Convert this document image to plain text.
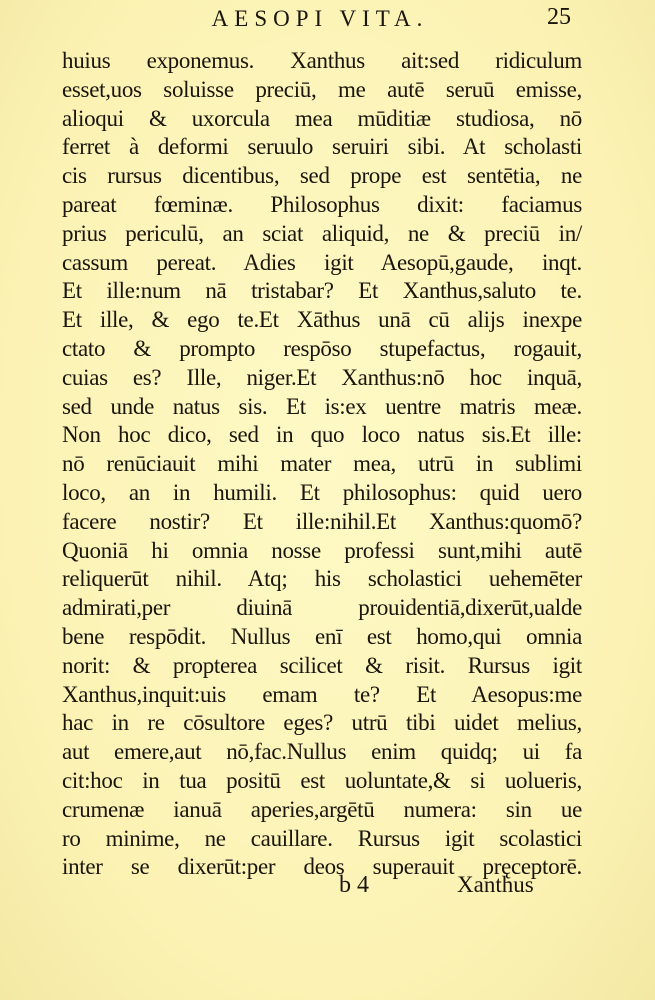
AESOPI VITA.	25
huius exponemus. Xanthus ait:sed ridiculum
esset,uos soluisse preciū, me autē seruū emisse,
alioqui & uxorcula mea mūditiæ studiosa, nō
ferret à deformi seruulo seruiri sibi. At scholasti
cis rursus dicentibus, sed prope est sentētia, ne
pareat fœminæ. Philosophus dixit: faciamus
prius periculū, an sciat aliquid, ne & preciū in/
cassum pereat. Adies igit Aesopū,gaude, inqt.
Et ille:num nā tristabar? Et Xanthus,saluto te.
Et ille, & ego te.Et Xāthus unā cū alijs inexpe
ctato & prompto respōso stupefactus, rogauit,
cuias es? Ille, niger.Et Xanthus:nō hoc inquā,
sed unde natus sis. Et is:ex uentre matris meæ.
Non hoc dico, sed in quo loco natus sis.Et ille:
nō renūciauit mihi mater mea, utrū in sublimi
loco, an in humili. Et philosophus: quid uero
facere nostir? Et ille:nihil.Et Xanthus:quomō?
Quoniā hi omnia nosse professi sunt,mihi autē
reliquerūt nihil. Atq; his scholastici uehemēter
admirati,per diuinā prouidentiā,dixerūt,ualde
bene respōdit. Nullus enī est homo,qui omnia
norit: & propterea scilicet & risit. Rursus igit
Xanthus,inquit:uis emam te? Et Aesopus:me
hac in re cōsultore eges? utrū tibi uidet melius,
aut emere,aut nō,fac.Nullus enim quidq; ui fa
cit:hoc in tua positū est uoluntate,& si uolueris,
crumenæ ianuā aperies,argētū numera: sin ue
ro minime, ne cauillare. Rursus igit scolastici
inter se dixerūt:per deos superauit pręceptorē.
b 4	Xanthus
